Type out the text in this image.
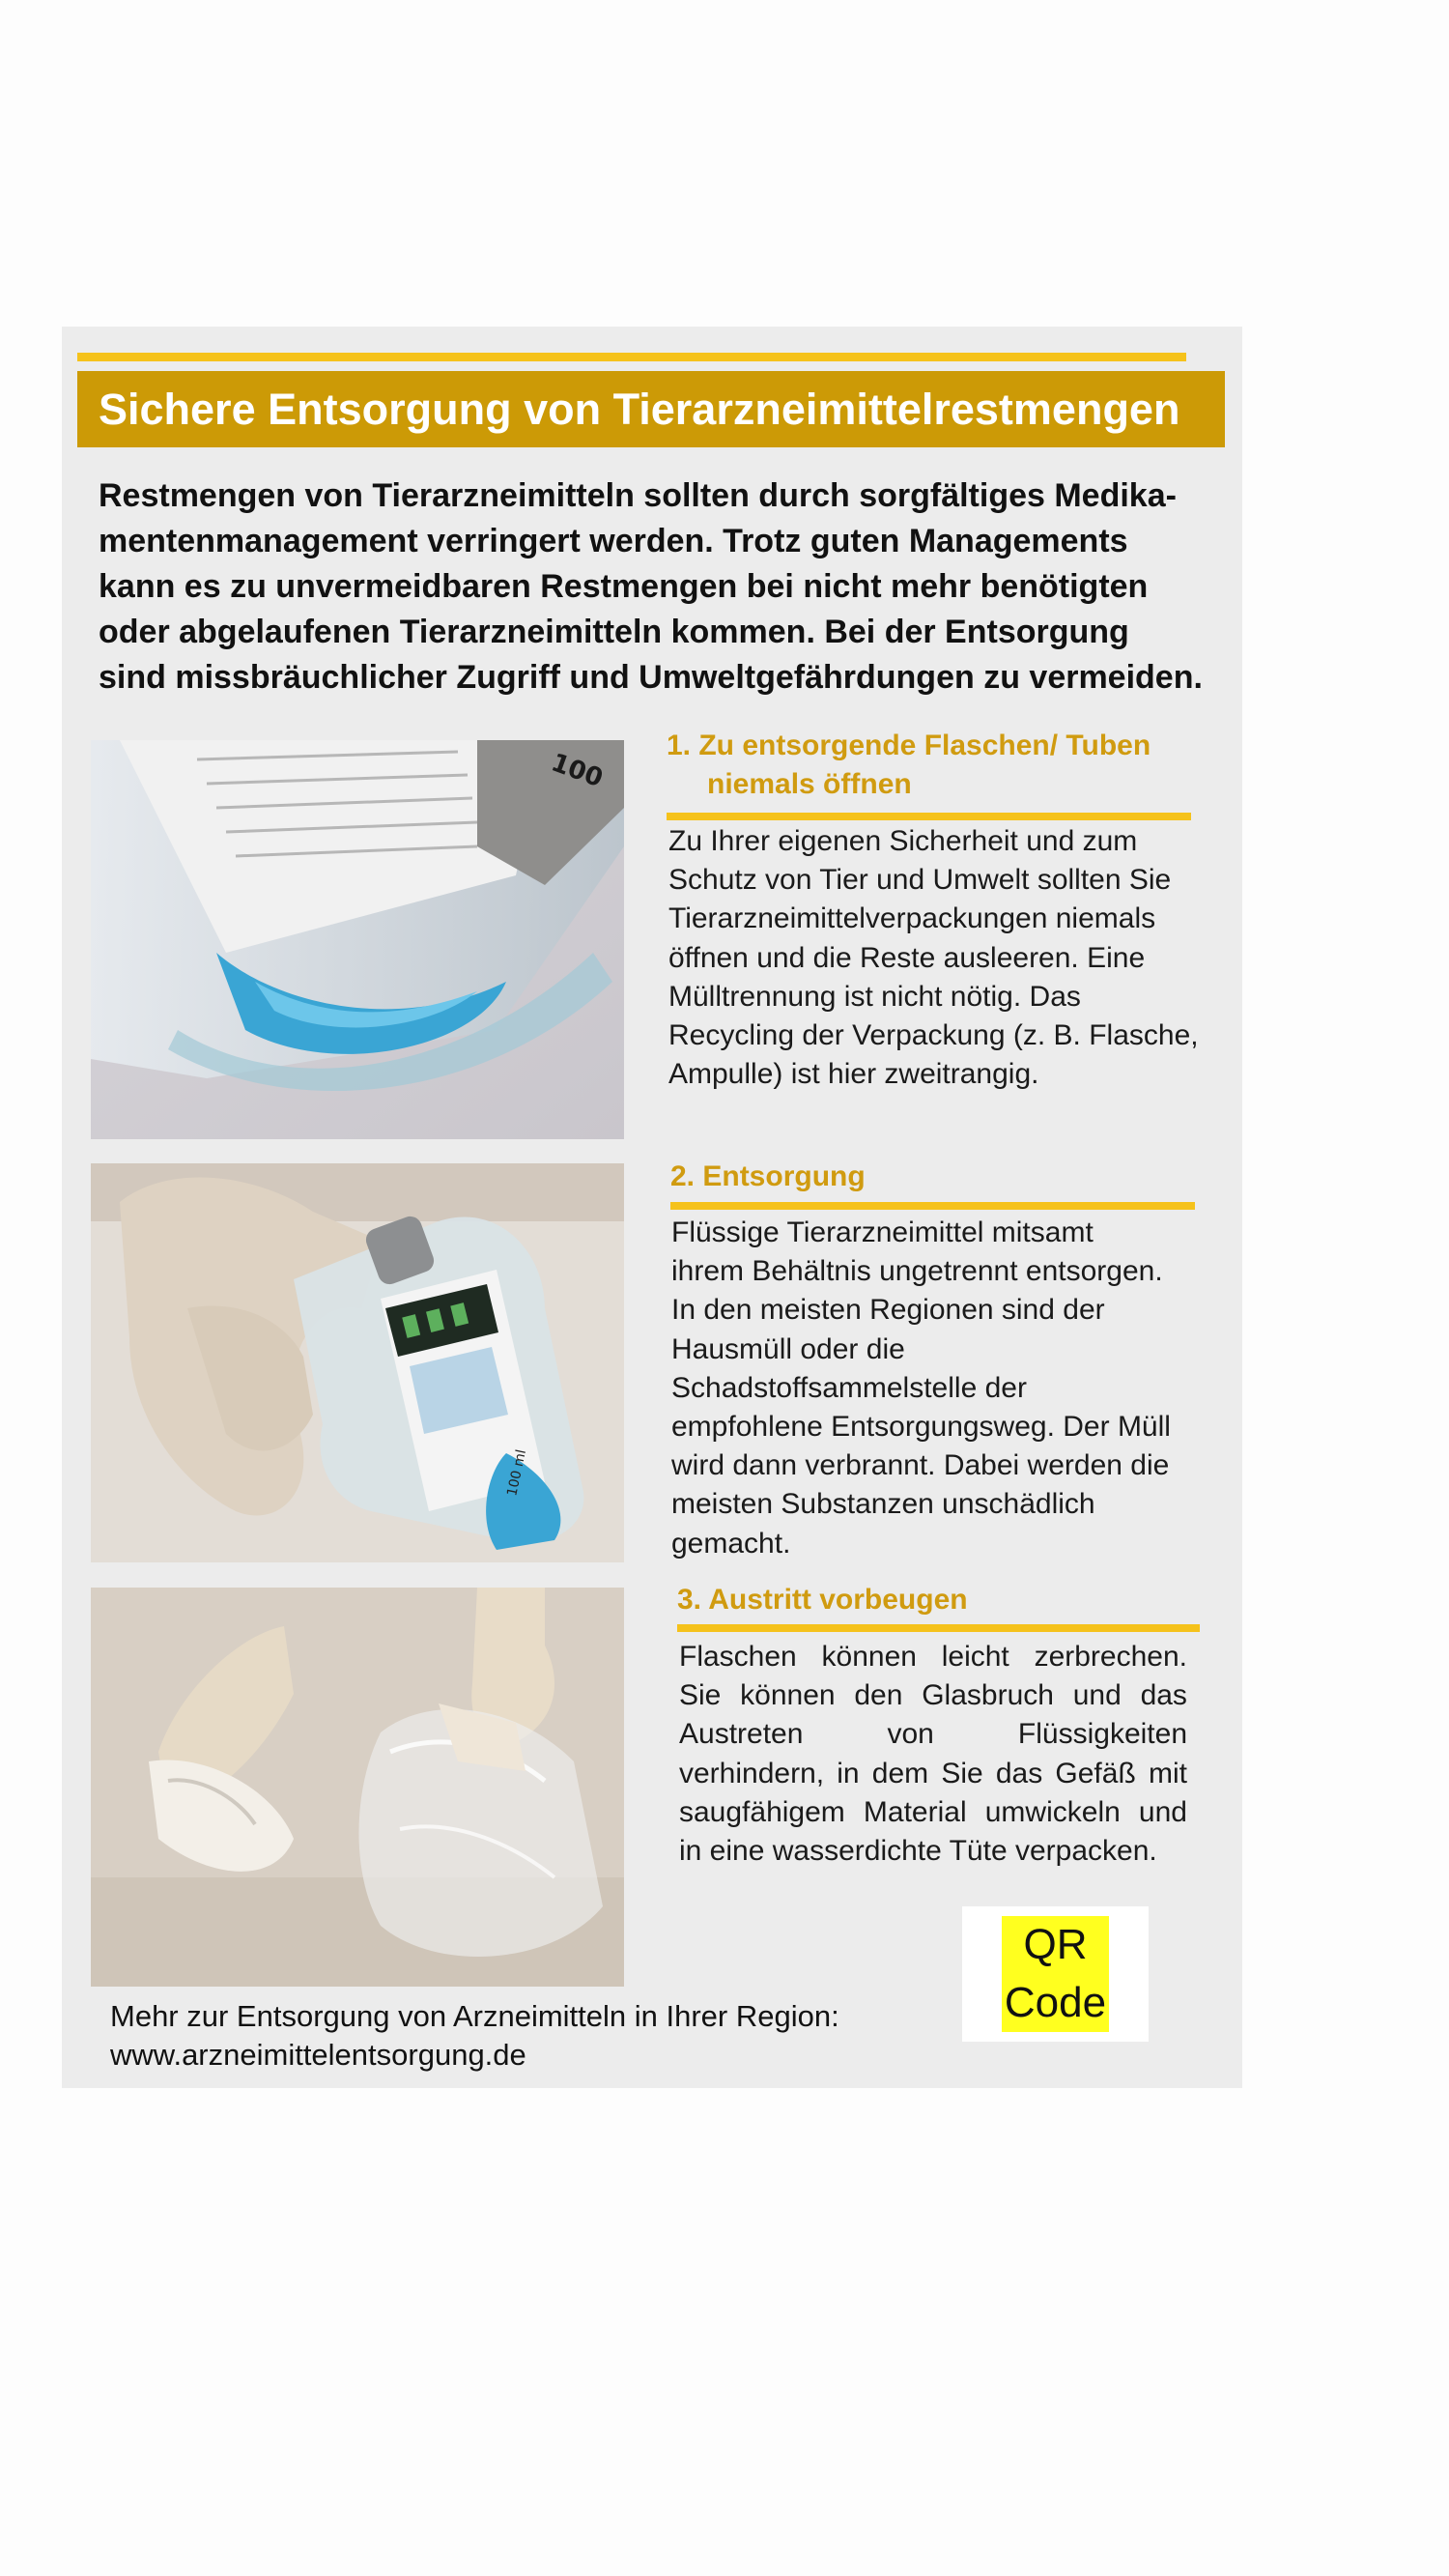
Sichere Entsorgung von Tierarzneimittelrestmengen
Restmengen von Tierarzneimitteln sollten durch sorgfältiges Medika-
mentenmanagement verringert werden. Trotz guten Managements
kann es zu unvermeidbaren Restmengen bei nicht mehr benötigten
oder abgelaufenen Tierarzneimitteln kommen. Bei der Entsorgung
sind missbräuchlicher Zugriff und Umweltgefährdungen zu vermeiden.
100
100 ml
1. Zu entsorgende Flaschen/ Tuben
niemals öffnen
Zu Ihrer eigenen Sicherheit und zum
Schutz von Tier und Umwelt sollten Sie
Tierarzneimittelverpackungen niemals
öffnen und die Reste ausleeren. Eine
Mülltrennung ist nicht nötig. Das
Recycling der Verpackung (z. B. Flasche,
Ampulle) ist hier zweitrangig.
2. Entsorgung
Flüssige Tierarzneimittel mitsamt
ihrem Behältnis ungetrennt entsorgen.
In den meisten Regionen sind der
Hausmüll oder die
Schadstoffsammelstelle der
empfohlene Entsorgungsweg. Der Müll
wird dann verbrannt. Dabei werden die
meisten Substanzen unschädlich
gemacht.
3. Austritt vorbeugen
Flaschen können leicht zerbrechen.
Sie können den Glasbruch und das
Austreten	von	Flüssigkeiten
verhindern, in dem Sie das Gefäß mit
saugfähigem Material umwickeln und
in eine wasserdichte Tüte verpacken.
QR
Code
Mehr zur Entsorgung von Arzneimitteln in Ihrer Region:
www.arzneimittelentsorgung.de
